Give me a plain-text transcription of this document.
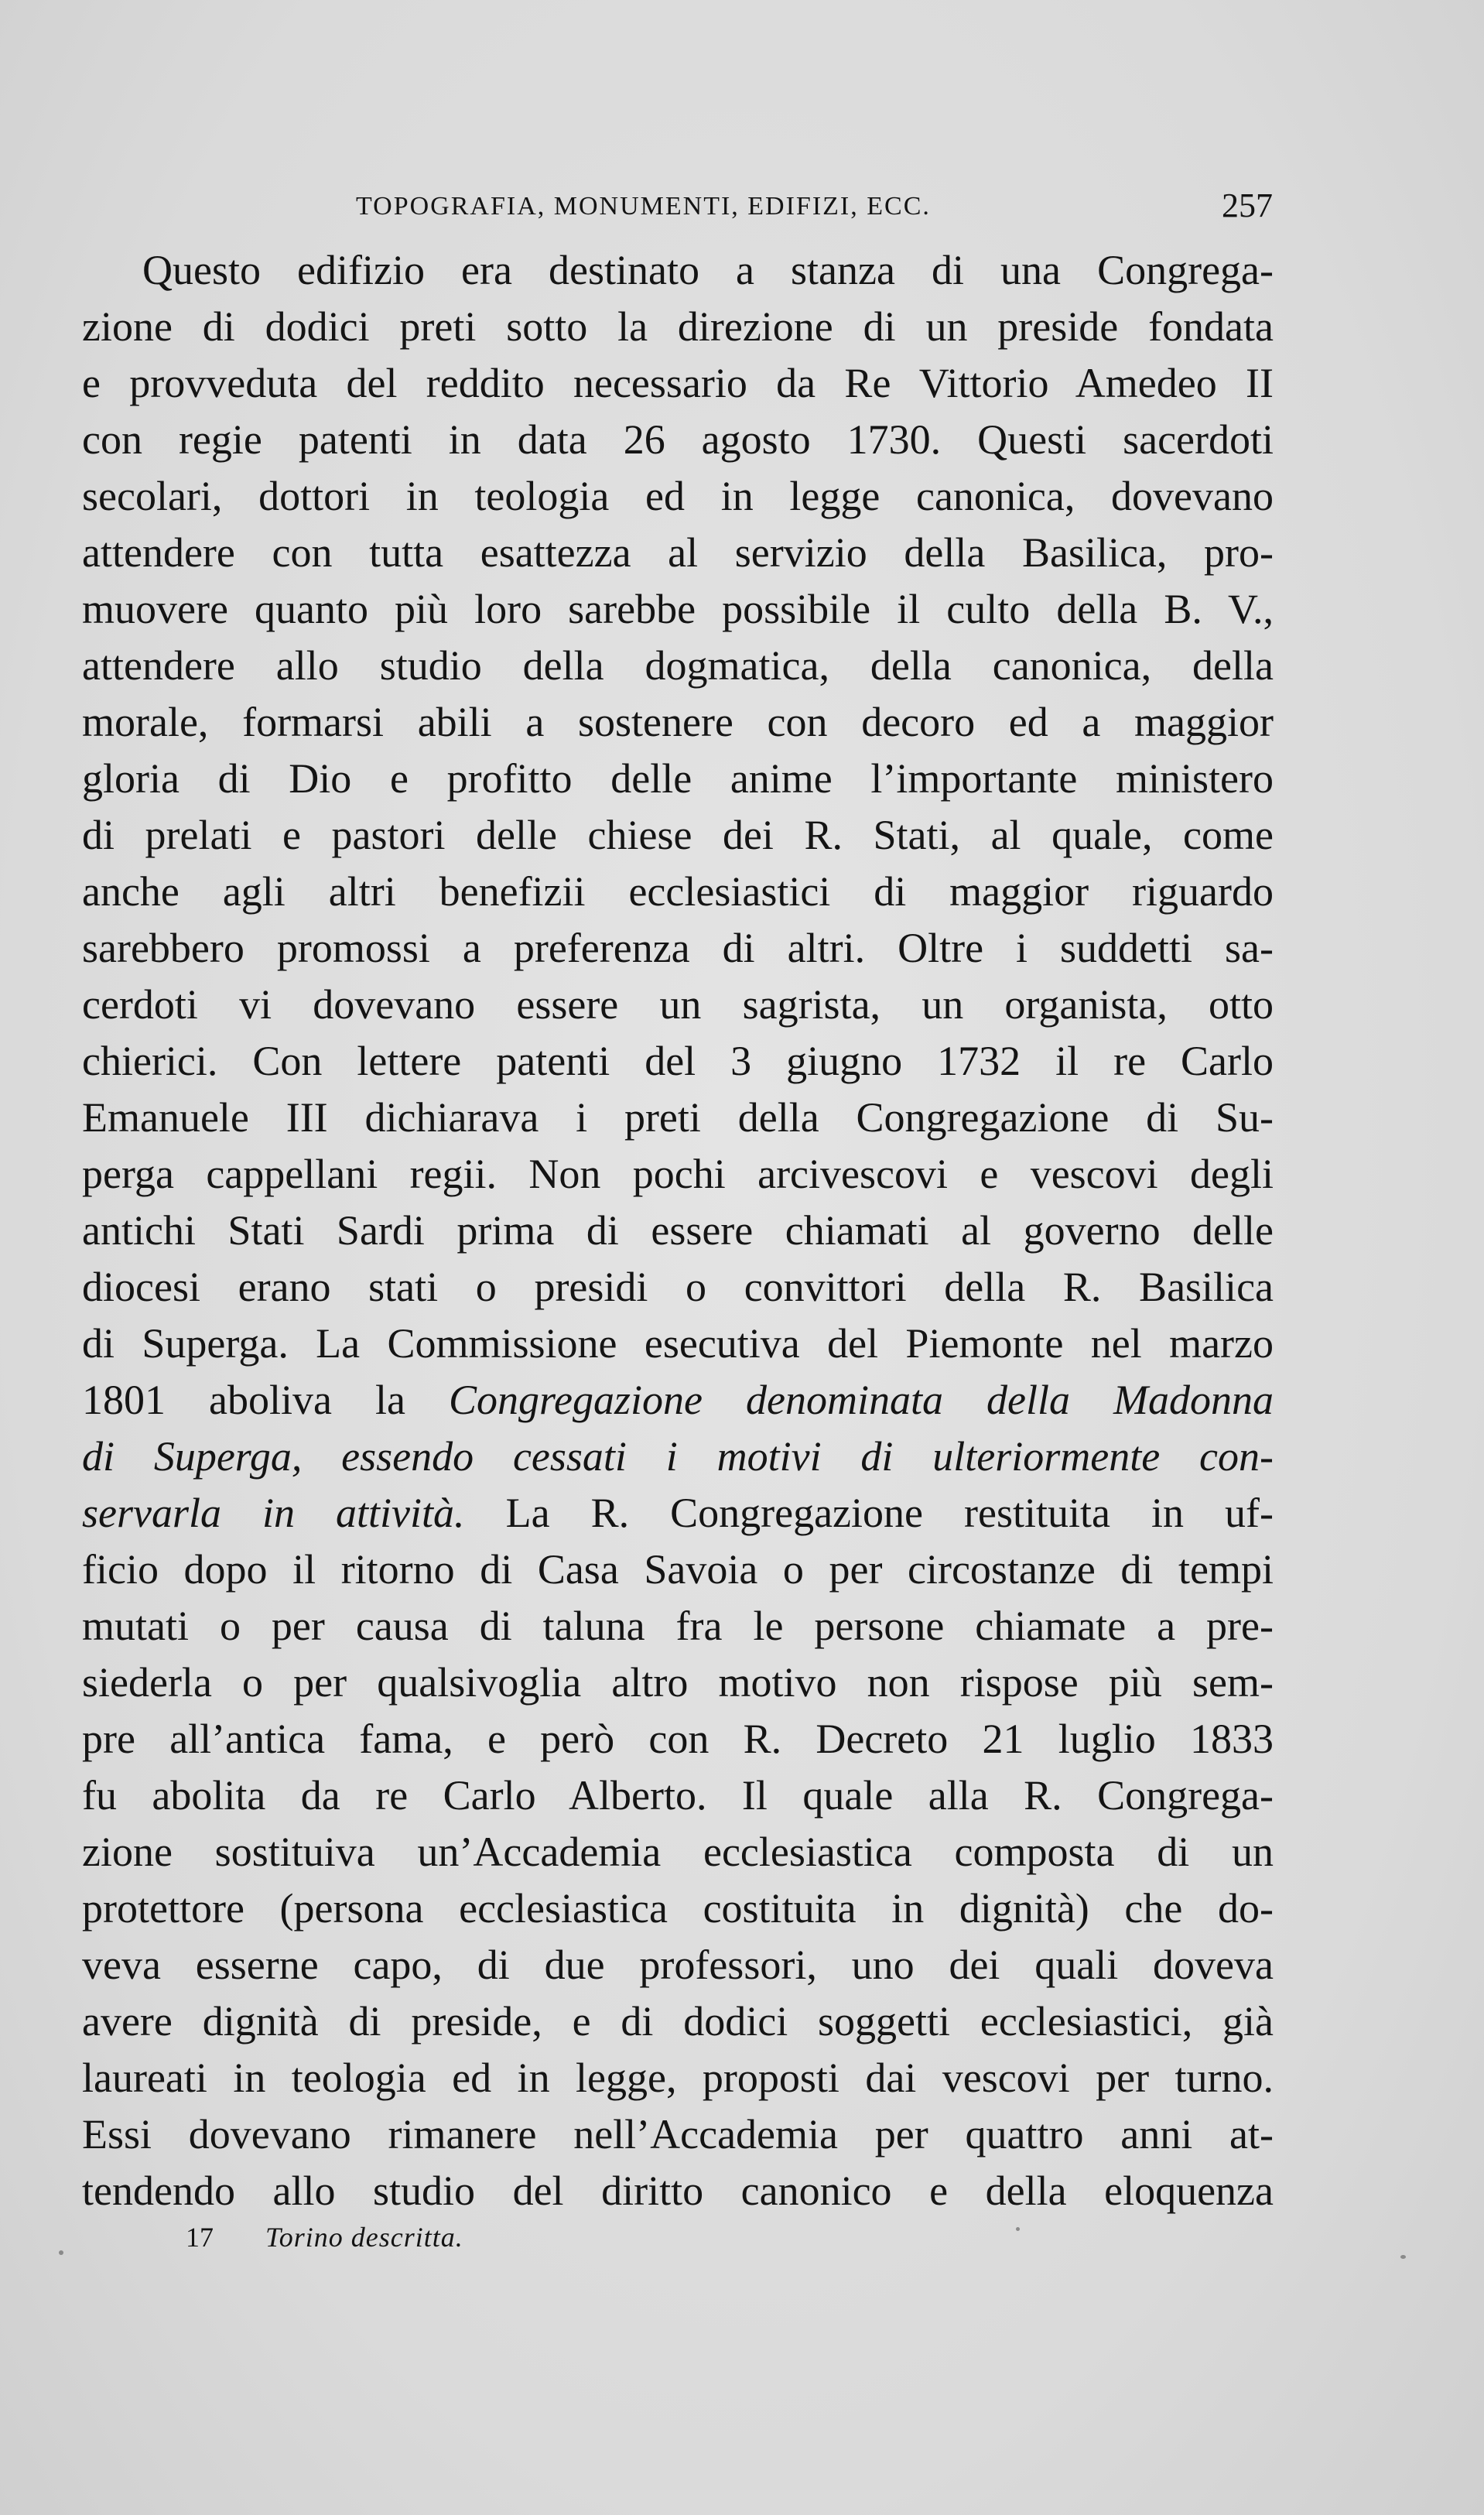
TOPOGRAFIA, MONUMENTI, EDIFIZI, ECC.	257
Questo edifizio era destinato a stanza di una Congrega-
zione di dodici preti sotto la direzione di un preside fondata
e provveduta del reddito necessario da Re Vittorio Amedeo II
con regie patenti in data 26 agosto 1730. Questi sacerdoti
secolari, dottori in teologia ed in legge canonica, dovevano
attendere con tutta esattezza al servizio della Basilica, pro-
muovere quanto più loro sarebbe possibile il culto della B. V.,
attendere allo studio della dogmatica, della canonica, della
morale, formarsi abili a sostenere con decoro ed a maggior
gloria di Dio e profitto delle anime l’importante ministero
di prelati e pastori delle chiese dei R. Stati, al quale, come
anche agli altri benefizii ecclesiastici di maggior riguardo
sarebbero promossi a preferenza di altri. Oltre i suddetti sa-
cerdoti vi dovevano essere un sagrista, un organista, otto
chierici. Con lettere patenti del 3 giugno 1732 il re Carlo
Emanuele III dichiarava i preti della Congregazione di Su-
perga cappellani regii. Non pochi arcivescovi e vescovi degli
antichi Stati Sardi prima di essere chiamati al governo delle
diocesi erano stati o presidi o convittori della R. Basilica
di Superga. La Commissione esecutiva del Piemonte nel marzo
1801 aboliva la Congregazione denominata della Madonna
di Superga, essendo cessati i motivi di ulteriormente con-
servarla in attività. La R. Congregazione restituita in uf-
ficio dopo il ritorno di Casa Savoia o per circostanze di tempi
mutati o per causa di taluna fra le persone chiamate a pre-
siederla o per qualsivoglia altro motivo non rispose più sem-
pre all’antica fama, e però con R. Decreto 21 luglio 1833
fu abolita da re Carlo Alberto. Il quale alla R. Congrega-
zione sostituiva un’Accademia ecclesiastica composta di un
protettore (persona ecclesiastica costituita in dignità) che do-
veva esserne capo, di due professori, uno dei quali doveva
avere dignità di preside, e di dodici soggetti ecclesiastici, già
laureati in teologia ed in legge, proposti dai vescovi per turno.
Essi dovevano rimanere nell’Accademia per quattro anni at-
tendendo allo studio del diritto canonico e della eloquenza
17 Torino descritta.
